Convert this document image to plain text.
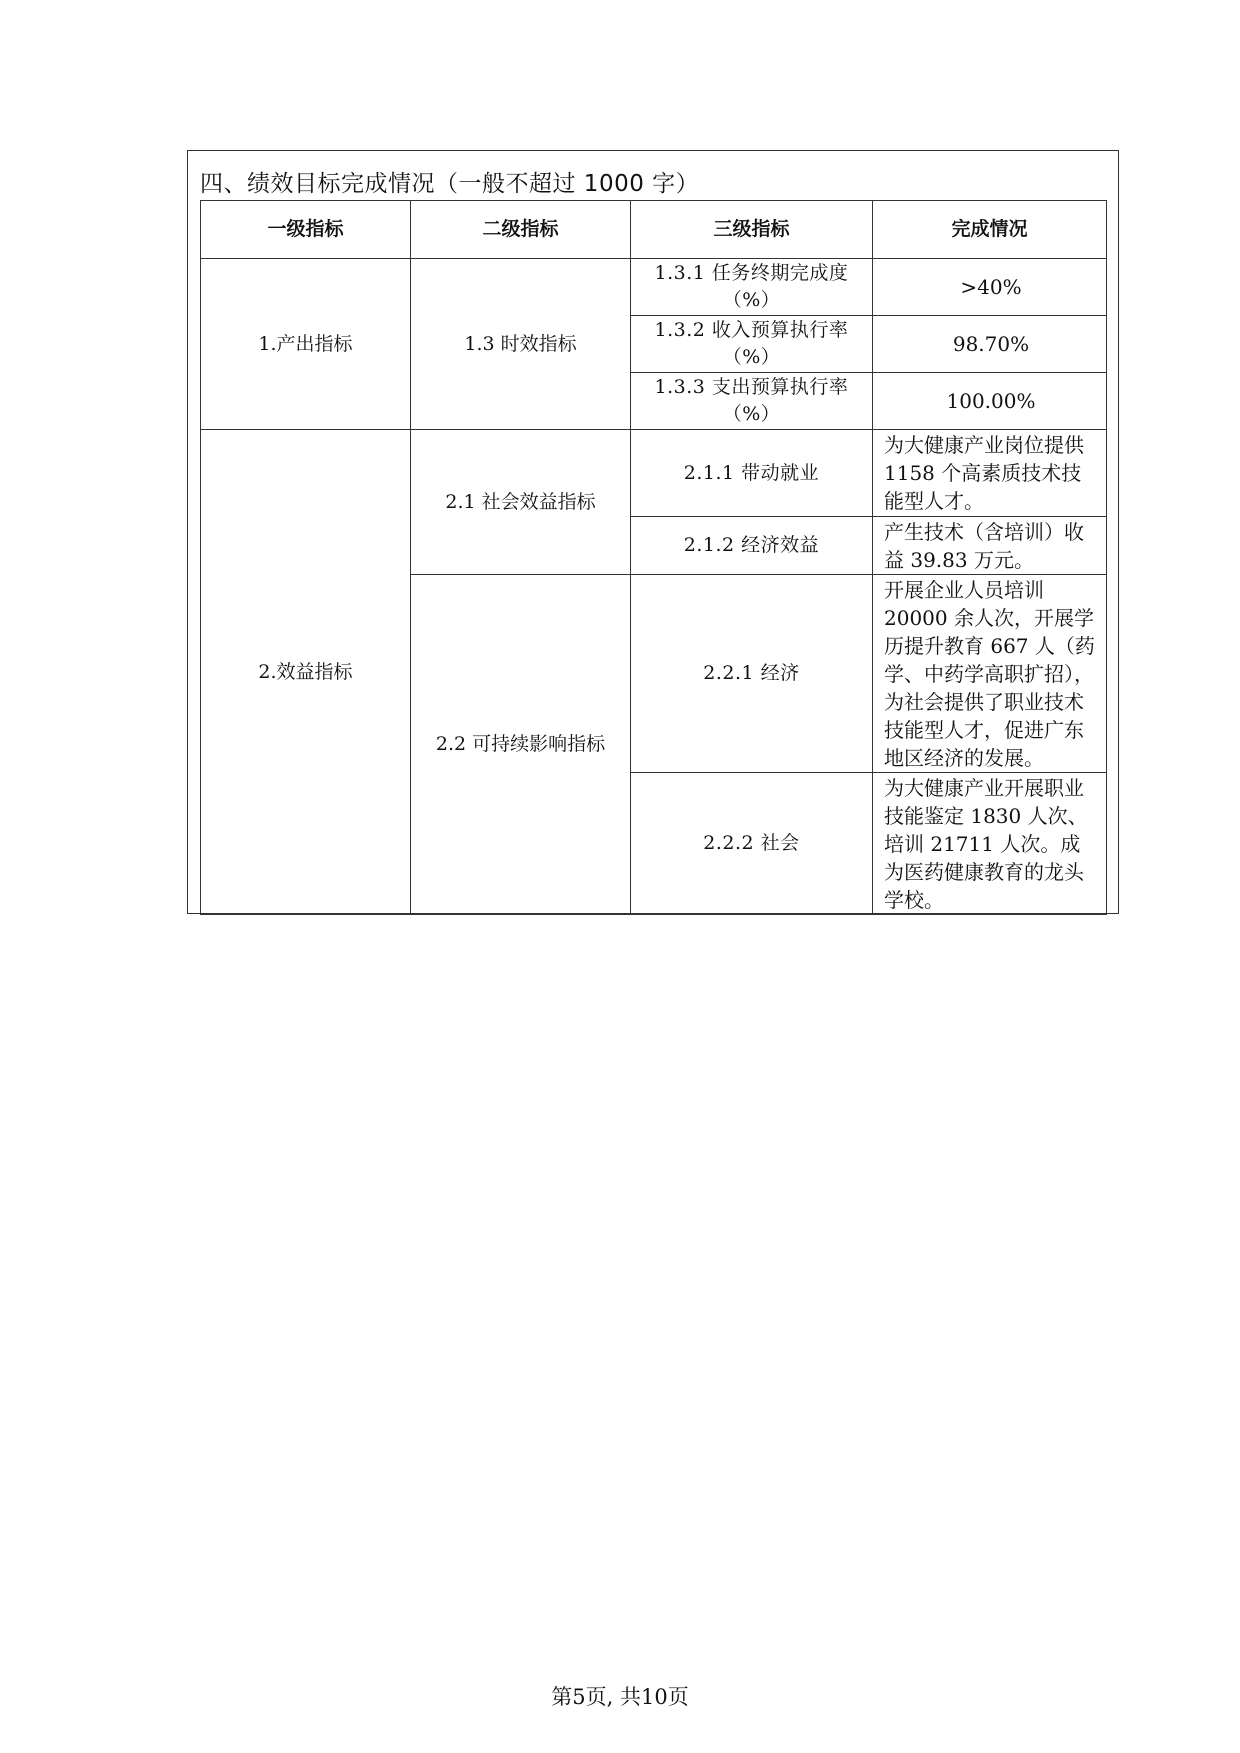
四、绩效目标完成情况（一般不超过 1000 字）
一级指标	二级指标	三级指标	完成情况
1.产出指标	1.3 时效指标	1.3.1 任务终期完成度（%）	>40%
		1.3.2 收入预算执行率（%）	98.70%
		1.3.3 支出预算执行率（%）	100.00%
2.效益指标	2.1 社会效益指标	2.1.1 带动就业	为大健康产业岗位提供 1158 个高素质技术技能型人才。
		2.1.2 经济效益	产生技术（含培训）收益 39.83 万元。
	2.2 可持续影响指标	2.2.1 经济	开展企业人员培训 20000 余人次，开展学历提升教育 667 人（药学、中药学高职扩招），为社会提供了职业技术技能型人才，促进广东地区经济的发展。
		2.2.2 社会	为大健康产业开展职业技能鉴定 1830 人次、培训 21711 人次。成为医药健康教育的龙头学校。
第5页, 共10页
